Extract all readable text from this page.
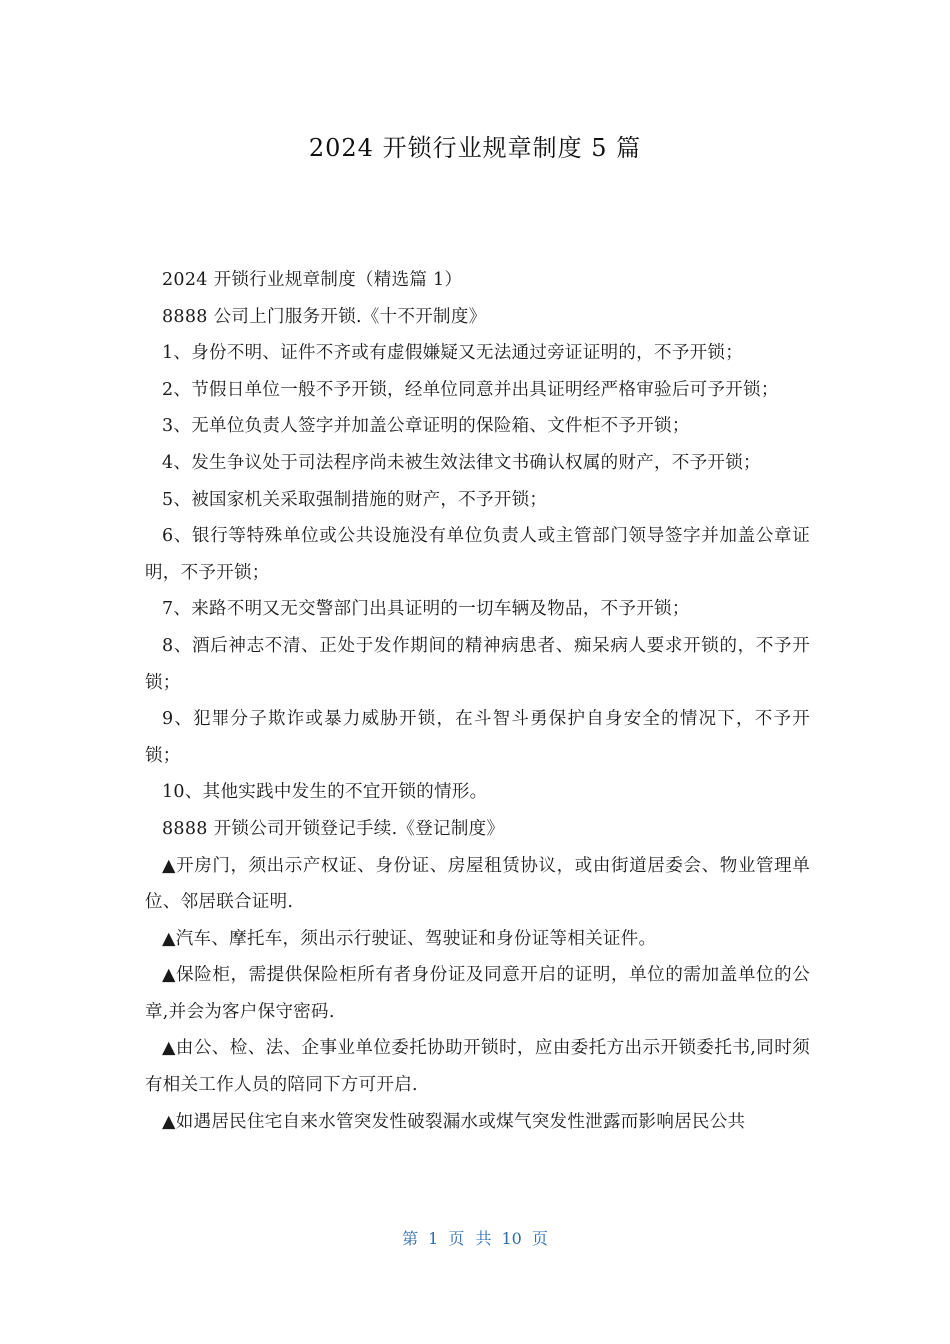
2024 开锁行业规章制度 5 篇

2024 开锁行业规章制度（精选篇 1）

8888 公司上门服务开锁.《十不开制度》

1、身份不明、证件不齐或有虚假嫌疑又无法通过旁证证明的，不予开锁；

2、节假日单位一般不予开锁，经单位同意并出具证明经严格审验后可予开锁；

3、无单位负责人签字并加盖公章证明的保险箱、文件柜不予开锁；

4、发生争议处于司法程序尚未被生效法律文书确认权属的财产，不予开锁；

5、被国家机关采取强制措施的财产，不予开锁；

6、银行等特殊单位或公共设施没有单位负责人或主管部门领导签字并加盖公章证明，不予开锁；

7、来路不明又无交警部门出具证明的一切车辆及物品，不予开锁；

8、酒后神志不清、正处于发作期间的精神病患者、痴呆病人要求开锁的，不予开锁；

9、犯罪分子欺诈或暴力威胁开锁，在斗智斗勇保护自身安全的情况下，不予开锁；

10、其他实践中发生的不宜开锁的情形。

8888 开锁公司开锁登记手续.《登记制度》

▲开房门，须出示产权证、身份证、房屋租赁协议，或由街道居委会、物业管理单位、邻居联合证明.

▲汽车、摩托车，须出示行驶证、驾驶证和身份证等相关证件。

▲保险柜，需提供保险柜所有者身份证及同意开启的证明，单位的需加盖单位的公章,并会为客户保守密码.

▲由公、检、法、企事业单位委托协助开锁时，应由委托方出示开锁委托书,同时须有相关工作人员的陪同下方可开启.

▲如遇居民住宅自来水管突发性破裂漏水或煤气突发性泄露而影响居民公共

第 1 页 共 10 页
